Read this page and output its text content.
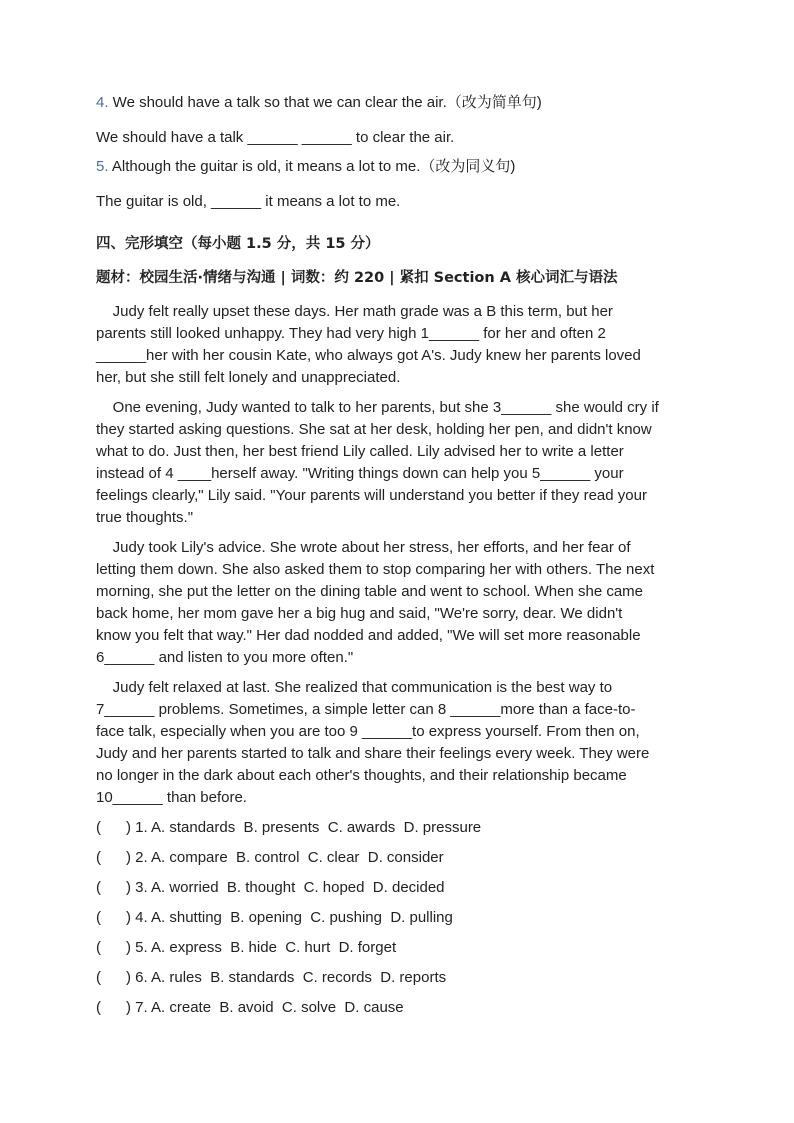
4. We should have a talk so that we can clear the air.（改为简单句)
We should have a talk ______ ______ to clear the air.
5. Although the guitar is old, it means a lot to me.（改为同义句)
The guitar is old, ______ it means a lot to me.
四、完形填空（每小题 1.5 分，共 15 分）
题材：校园生活·情绪与沟通 | 词数：约 220 | 紧扣 Section A 核心词汇与语法
Judy felt really upset these days. Her math grade was a B this term, but her
parents still looked unhappy. They had very high 1______ for her and often 2
______her with her cousin Kate, who always got A's. Judy knew her parents loved
her, but she still felt lonely and unappreciated.
One evening, Judy wanted to talk to her parents, but she 3______ she would cry if
they started asking questions. She sat at her desk, holding her pen, and didn't know
what to do. Just then, her best friend Lily called. Lily advised her to write a letter
instead of 4 ____herself away. "Writing things down can help you 5______ your
feelings clearly," Lily said. "Your parents will understand you better if they read your
true thoughts."
Judy took Lily's advice. She wrote about her stress, her efforts, and her fear of
letting them down. She also asked them to stop comparing her with others. The next
morning, she put the letter on the dining table and went to school. When she came
back home, her mom gave her a big hug and said, "We're sorry, dear. We didn't
know you felt that way." Her dad nodded and added, "We will set more reasonable
6______ and listen to you more often."
Judy felt relaxed at last. She realized that communication is the best way to
7______ problems. Sometimes, a simple letter can 8 ______more than a face-to-
face talk, especially when you are too 9 ______to express yourself. From then on,
Judy and her parents started to talk and share their feelings every week. They were
no longer in the dark about each other's thoughts, and their relationship became
10______ than before.
(      ) 1. A. standards  B. presents  C. awards  D. pressure
(      ) 2. A. compare  B. control  C. clear  D. consider
(      ) 3. A. worried  B. thought  C. hoped  D. decided
(      ) 4. A. shutting  B. opening  C. pushing  D. pulling
(      ) 5. A. express  B. hide  C. hurt  D. forget
(      ) 6. A. rules  B. standards  C. records  D. reports
(      ) 7. A. create  B. avoid  C. solve  D. cause
